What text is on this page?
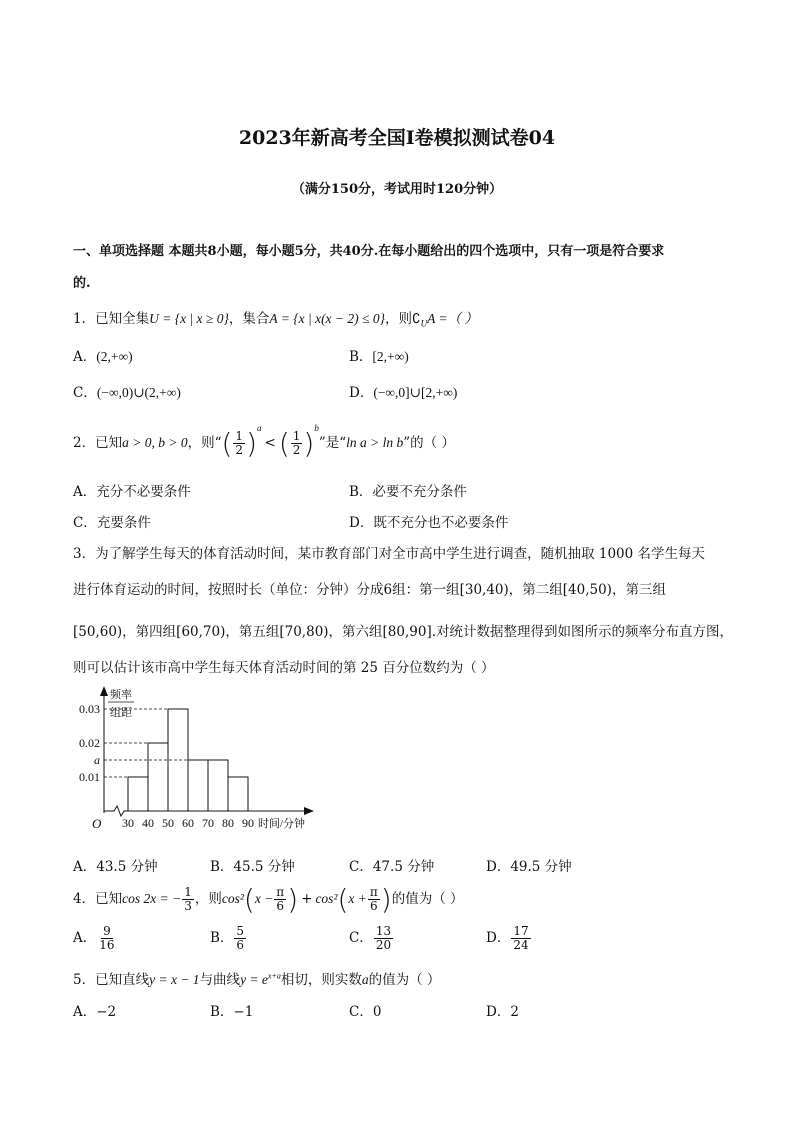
2023年新高考全国Ⅰ卷模拟测试卷04
（满分150分，考试用时120分钟）
一、单项选择题 本题共8小题，每小题5分，共40分.在每小题给出的四个选项中，只有一项是符合要求
的.
1．已知全集U = {x | x ≥ 0}，集合A = {x | x(x − 2) ≤ 0}，则$∁_UA$ =（ ）
A．(2,+∞)	B．[2,+∞)
C．(−∞,0)∪(2,+∞)	D．(−∞,0]∪[2,+∞)
2．已知a > 0, b > 0，则“( $\frac{1}{2} )^a<$ ( $\frac{1}{2} )^b$”是“ln a > ln b”的（ ）
A．充分不必要条件	B．必要不充分条件
C．充要条件	D．既不充分也不必要条件
3．为了解学生每天的体育活动时间，某市教育部门对全市高中学生进行调查，随机抽取 1000 名学生每天
进行体育运动的时间，按照时长（单位：分钟）分成6组：第一组[30,40)，第二组[40,50)，第三组
[50,60)，第四组[60,70)，第五组[70,80)，第六组[80,90].对统计数据整理得到如图所示的频率分布直方图，
则可以估计该市高中学生每天体育活动时间的第 25 百分位数约为（ ）
O
频率
组距
0.03
0.02
a
0.01
30 40 50 60 70 80 90 时间/分钟
A．43.5 分钟	B．45.5 分钟	C．47.5 分钟	D．49.5 分钟
4．已知cos 2x = − $\frac{1}{3}$ ，则$\cos^2(x - \frac{\pi}{6}$ ) + $\cos^2(x + \frac{\pi}{6}$ )的值为（ ）
A． $\frac{9}{16}$	B． $\frac{5}{6}$	C． $\frac{13}{20}$	D． $\frac{17}{24}$
5．已知直线y = x − 1与曲线$y = e^{x+a}$相切，则实数a的值为（ ）
A．−2	B．−1	C．0	D．2
